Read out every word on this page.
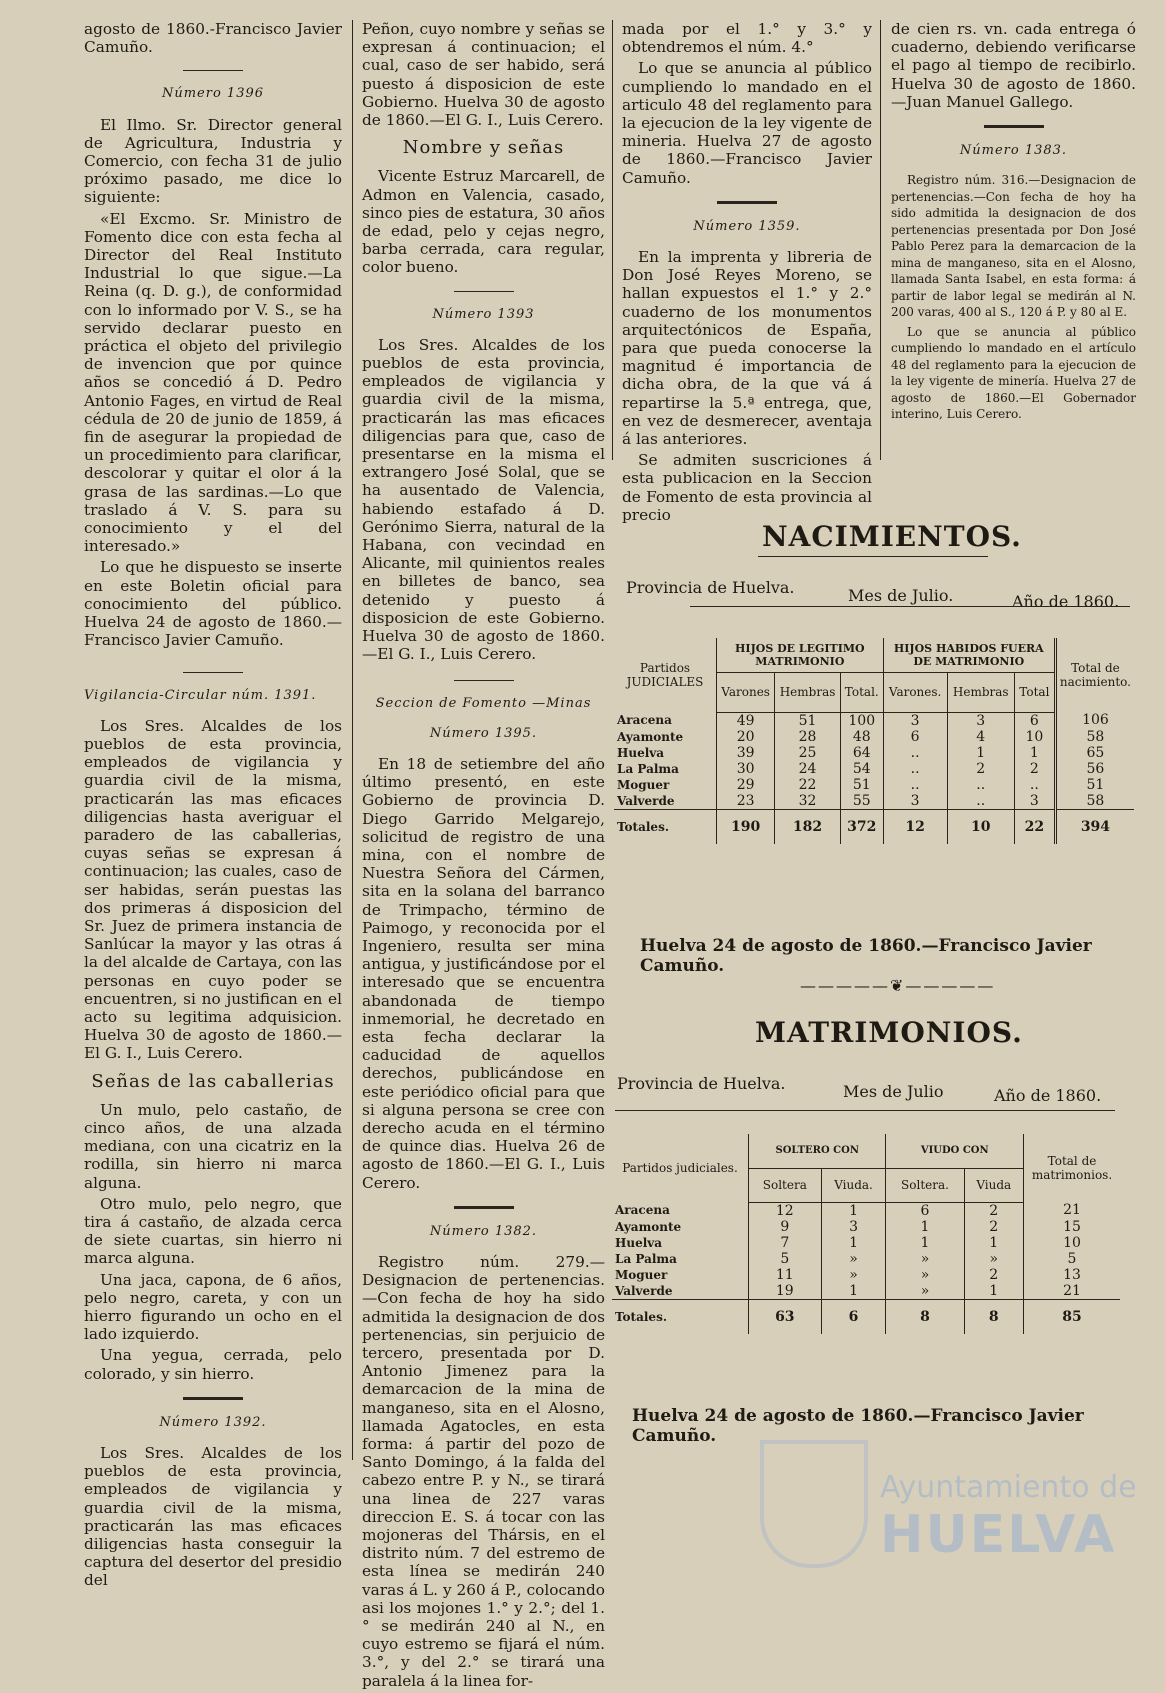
agosto de 1860.-Francisco Javier Camuño.

Número 1396

El Ilmo. Sr. Director general de Agricultura, Industria y Comercio, con fecha 31 de julio próximo pasado, me dice lo siguiente:

«El Excmo. Sr. Ministro de Fomento dice con esta fecha al Director del Real Instituto Industrial lo que sigue.—La Reina (q. D. g.), de conformidad con lo informado por V. S., se ha servido declarar puesto en práctica el objeto del privilegio de invencion que por quince años se concedió á D. Pedro Antonio Fages, en virtud de Real cédula de 20 de junio de 1859, á fin de asegurar la propiedad de un procedimiento para clarificar, descolorar y quitar el olor á la grasa de las sardinas.—Lo que traslado á V. S. para su conocimiento y el del interesado.»

Lo que he dispuesto se inserte en este Boletin oficial para conocimiento del público. Huelva 24 de agosto de 1860.—Francisco Javier Camuño.

Vigilancia-Circular núm. 1391.

Los Sres. Alcaldes de los pueblos de esta provincia, empleados de vigilancia y guardia civil de la misma, practicarán las mas eficaces diligencias hasta averiguar el paradero de las caballerias, cuyas señas se expresan á continuacion; las cuales, caso de ser habidas, serán puestas las dos primeras á disposicion del Sr. Juez de primera instancia de Sanlúcar la mayor y las otras á la del alcalde de Cartaya, con las personas en cuyo poder se encuentren, si no justifican en el acto su legitima adquisicion. Huelva 30 de agosto de 1860.—El G. I., Luis Cerero.

Señas de las caballerias

Un mulo, pelo castaño, de cinco años, de una alzada mediana, con una cicatriz en la rodilla, sin hierro ni marca alguna.

Otro mulo, pelo negro, que tira á castaño, de alzada cerca de siete cuartas, sin hierro ni marca alguna.

Una jaca, capona, de 6 años, pelo negro, careta, y con un hierro figurando un ocho en el lado izquierdo.

Una yegua, cerrada, pelo colorado, y sin hierro.

Número 1392.

Los Sres. Alcaldes de los pueblos de esta provincia, empleados de vigilancia y guardia civil de la misma, practicarán las mas eficaces diligencias hasta conseguir la captura del desertor del presidio del

Peñon, cuyo nombre y señas se expresan á continuacion; el cual, caso de ser habido, será puesto á disposicion de este Gobierno. Huelva 30 de agosto de 1860.—El G. I., Luis Cerero.

Nombre y señas

Vicente Estruz Marcarell, de Admon en Valencia, casado, sinco pies de estatura, 30 años de edad, pelo y cejas negro, barba cerrada, cara regular, color bueno.

Número 1393

Los Sres. Alcaldes de los pueblos de esta provincia, empleados de vigilancia y guardia civil de la misma, practicarán las mas eficaces diligencias para que, caso de presentarse en la misma el extrangero José Solal, que se ha ausentado de Valencia, habiendo estafado á D. Gerónimo Sierra, natural de la Habana, con vecindad en Alicante, mil quinientos reales en billetes de banco, sea detenido y puesto á disposicion de este Gobierno. Huelva 30 de agosto de 1860. —El G. I., Luis Cerero.

Seccion de Fomento —Minas
Número 1395.

En 18 de setiembre del año último presentó, en este Gobierno de provincia D. Diego Garrido Melgarejo, solicitud de registro de una mina, con el nombre de Nuestra Señora del Cármen, sita en la solana del barranco de Trimpacho, término de Paimogo, y reconocida por el Ingeniero, resulta ser mina antigua, y justificándose por el interesado que se encuentra abandonada de tiempo inmemorial, he decretado en esta fecha declarar la caducidad de aquellos derechos, publicándose en este periódico oficial para que si alguna persona se cree con derecho acuda en el término de quince dias. Huelva 26 de agosto de 1860.—El G. I., Luis Cerero.

Número 1382.

Registro núm. 279.—Designacion de pertenencias.—Con fecha de hoy ha sido admitida la designacion de dos pertenencias, sin perjuicio de tercero, presentada por D. Antonio Jimenez para la demarcacion de la mina de manganeso, sita en el Alosno, llamada Agatocles, en esta forma: á partir del pozo de Santo Domingo, á la falda del cabezo entre P. y N., se tirará una linea de 227 varas direccion E. S. á tocar con las mojoneras del Thársis, en el distrito núm. 7 del estremo de esta línea se medirán 240 varas á L. y 260 á P., colocando asi los mojones 1.° y 2.°; del 1.° se medirán 240 al N., en cuyo estremo se fijará el núm. 3.°, y del 2.° se tirará una paralela á la linea for-

mada por el 1.° y 3.° y obtendremos el núm. 4.°

Lo que se anuncia al público cumpliendo lo mandado en el articulo 48 del reglamento para la ejecucion de la ley vigente de mineria. Huelva 27 de agosto de 1860.—Francisco Javier Camuño.

Número 1359.

En la imprenta y libreria de Don José Reyes Moreno, se hallan expuestos el 1.° y 2.° cuaderno de los monumentos arquitectónicos de España, para que pueda conocerse la magnitud é importancia de dicha obra, de la que vá á repartirse la 5.ª entrega, que, en vez de desmerecer, aventaja á las anteriores.

Se admiten suscriciones á esta publicacion en la Seccion de Fomento de esta provincia al precio

de cien rs. vn. cada entrega ó cuaderno, debiendo verificarse el pago al tiempo de recibirlo. Huelva 30 de agosto de 1860.—Juan Manuel Gallego.

Número 1383.

Registro núm. 316.—Designacion de pertenencias.—Con fecha de hoy ha sido admitida la designacion de dos pertenencias presentada por Don José Pablo Perez para la demarcacion de la mina de manganeso, sita en el Alosno, llamada Santa Isabel, en esta forma: á partir de labor legal se medirán al N. 200 varas, 400 al S., 120 á P. y 80 al E.

Lo que se anuncia al público cumpliendo lo mandado en el artículo 48 del reglamento para la ejecucion de la ley vigente de minería. Huelva 27 de agosto de 1860.—El Gobernador interino, Luis Cerero.

NACIMIENTOS.
Provincia de Huelva.	Mes de Julio.	Año de 1860.
Partidos JUDICIALES	HIJOS DE LEGITIMO MATRIMONIO			HIJOS HABIDOS FUERA DE MATRIMONIO			Total de nacimiento.
	Varones	Hembras	Total.	Varones.	Hembras	Total	
Aracena	49	51	100	3	3	6	106
Ayamonte	20	28	48	6	4	10	58
Huelva	39	25	64	..	1	1	65
La Palma	30	24	54	..	2	2	56
Moguer	29	22	51	..	..	..	51
Valverde	23	32	55	3	..	3	58
Totales.	190	182	372	12	10	22	394
Huelva 24 de agosto de 1860.—Francisco Javier Camuño.
—————❦—————
MATRIMONIOS.
Provincia de Huelva.	Mes de Julio	Año de 1860.
Partidos judiciales.	SOLTERO CON		VIUDO CON		Total de matrimonios.
	Soltera	Viuda.	Soltera.	Viuda	
Aracena	12	1	6	2	21
Ayamonte	9	3	1	2	15
Huelva	7	1	1	1	10
La Palma	5	»	»	»	5
Moguer	11	»	»	2	13
Valverde	19	1	»	1	21
Totales.	63	6	8	8	85
Huelva 24 de agosto de 1860.—Francisco Javier Camuño.
Ayuntamiento de
HUELVA
